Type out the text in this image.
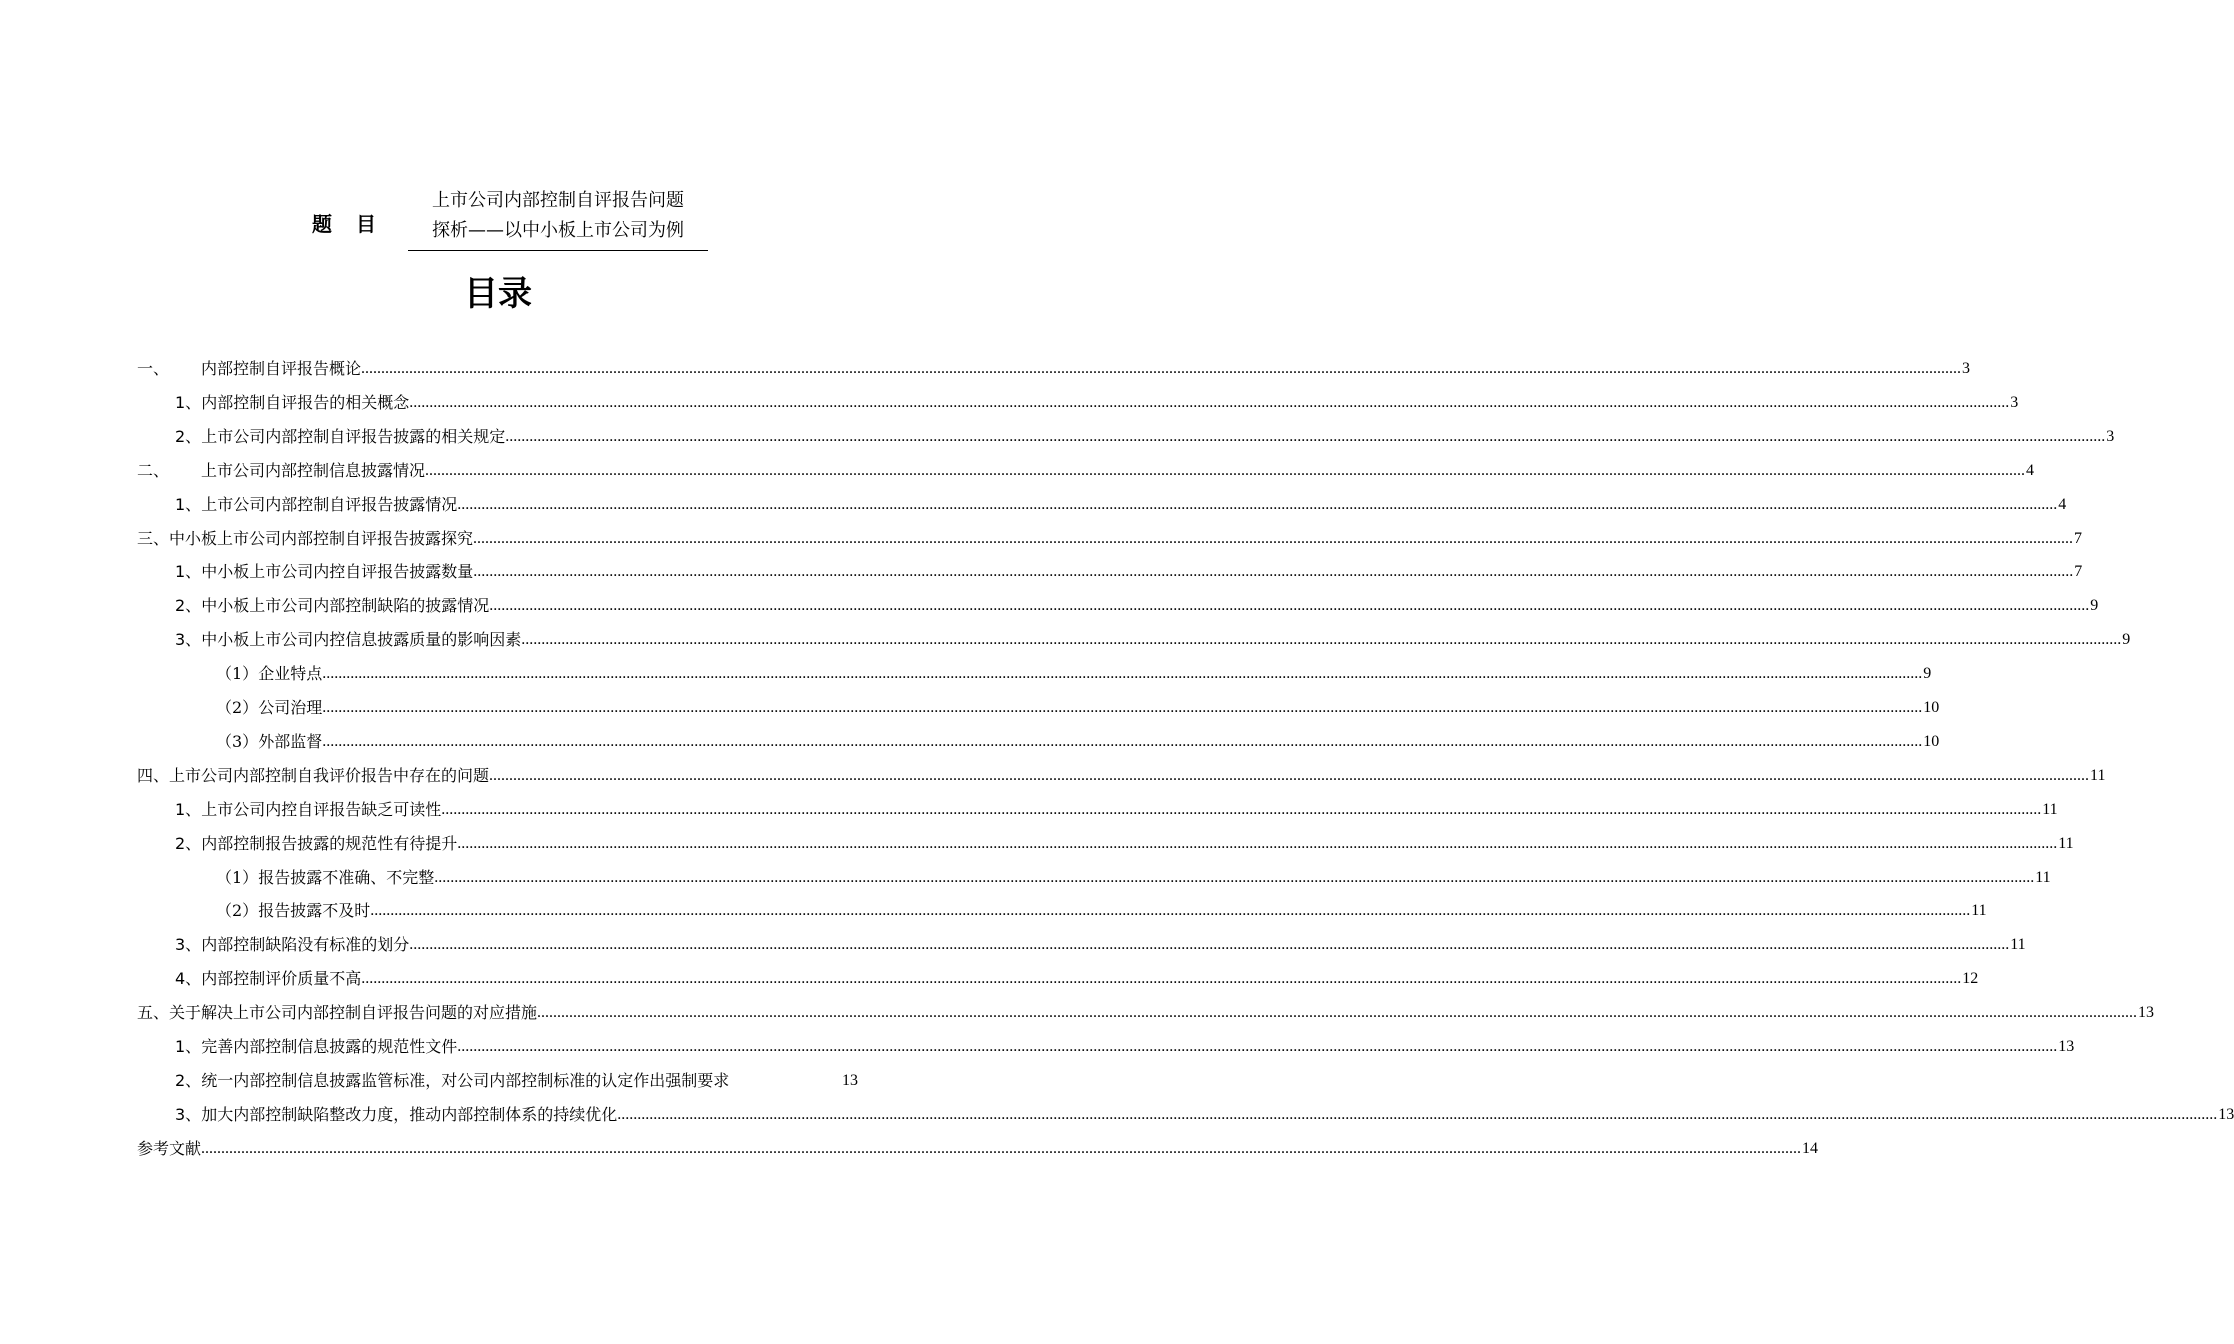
题目
上市公司内部控制自评报告问题
探析——以中小板上市公司为例
目录
一、 内部控制自评报告概论 ................................................................................................................................................................................................................................................................................................................................................................................................................ 3
1、 内部控制自评报告的相关概念 ................................................................................................................................................................................................................................................................................................................................................................................................................ 3
2、 上市公司内部控制自评报告披露的相关规定 ................................................................................................................................................................................................................................................................................................................................................................................................................ 3
二、 上市公司内部控制信息披露情况 ................................................................................................................................................................................................................................................................................................................................................................................................................ 4
1、 上市公司内部控制自评报告披露情况 ................................................................................................................................................................................................................................................................................................................................................................................................................ 4
三、 中小板上市公司内部控制自评报告披露探究 ................................................................................................................................................................................................................................................................................................................................................................................................................ 7
1、 中小板上市公司内控自评报告披露数量 ................................................................................................................................................................................................................................................................................................................................................................................................................ 7
2、 中小板上市公司内部控制缺陷的披露情况 ................................................................................................................................................................................................................................................................................................................................................................................................................ 9
3、 中小板上市公司内控信息披露质量的影响因素 ................................................................................................................................................................................................................................................................................................................................................................................................................ 9
（1） 企业特点 ................................................................................................................................................................................................................................................................................................................................................................................................................ 9
（2） 公司治理 ................................................................................................................................................................................................................................................................................................................................................................................................................ 10
（3） 外部监督 ................................................................................................................................................................................................................................................................................................................................................................................................................ 10
四、 上市公司内部控制自我评价报告中存在的问题 ................................................................................................................................................................................................................................................................................................................................................................................................................ 11
1、 上市公司内控自评报告缺乏可读性 ................................................................................................................................................................................................................................................................................................................................................................................................................ 11
2、 内部控制报告披露的规范性有待提升 ................................................................................................................................................................................................................................................................................................................................................................................................................ 11
（1） 报告披露不准确、不完整 ................................................................................................................................................................................................................................................................................................................................................................................................................ 11
（2） 报告披露不及时 ................................................................................................................................................................................................................................................................................................................................................................................................................ 11
3、 内部控制缺陷没有标准的划分 ................................................................................................................................................................................................................................................................................................................................................................................................................ 11
4、 内部控制评价质量不高 ................................................................................................................................................................................................................................................................................................................................................................................................................ 12
五、 关于解决上市公司内部控制自评报告问题的对应措施 ................................................................................................................................................................................................................................................................................................................................................................................................................ 13
1、 完善内部控制信息披露的规范性文件 ................................................................................................................................................................................................................................................................................................................................................................................................................ 13
2、 统一内部控制信息披露监管标准，对公司内部控制标准的认定作出强制要求	13
3、 加大内部控制缺陷整改力度，推动内部控制体系的持续优化 ................................................................................................................................................................................................................................................................................................................................................................................................................ 13
参考文献 ................................................................................................................................................................................................................................................................................................................................................................................................................ 14
